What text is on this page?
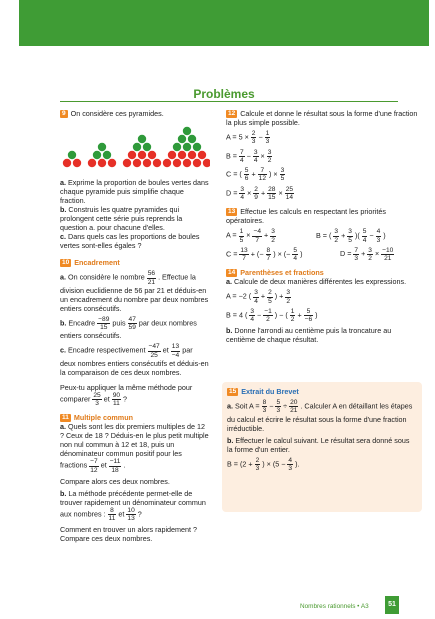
Problèmes

9 On considère ces pyramides.

a. Exprime la proportion de boules vertes dans chaque pyramide puis simplifie chaque fraction.

b. Construis les quatre pyramides qui prolongent cette série puis reprends la question a. pour chacune d'elles.

c. Dans quels cas les proportions de boules vertes sont-elles égales ?

10 Encadrement

a. On considère le nombre $\frac{56}{21}$ . Effectue la division euclidienne de 56 par 21 et déduis-en un encadrement du nombre par deux nombres entiers consécutifs.

b. Encadre $\frac{-89}{15}$ puis $\frac{47}{59}$ par deux nombres entiers consécutifs.

c. Encadre respectivement $\frac{-47}{25}$ et $\frac{13}{-4}$ par deux nombres entiers consécutifs et déduis-en la comparaison de ces deux nombres.

Peux-tu appliquer la même méthode pour comparer $\frac{25}{3}$ et $\frac{90}{11}$ ?

11 Multiple commun

a. Quels sont les dix premiers multiples de 12 ? Ceux de 18 ? Déduis-en le plus petit multiple non nul commun à 12 et 18, puis un dénominateur commun positif pour les fractions $\frac{-7}{12}$ et $\frac{-11}{18}$ .

Compare alors ces deux nombres.

b. La méthode précédente permet-elle de trouver rapidement un dénominateur commun aux nombres : $\frac{8}{11}$ et $\frac{10}{13}$ ?

Comment en trouver un alors rapidement ? Compare ces deux nombres.

12 Calcule et donne le résultat sous la forme d'une fraction la plus simple possible.

$A = 5 \times \frac{2}{3} - \frac{1}{3}$
$B = \frac{7}{4} - \frac{3}{4} \times \frac{3}{2}$
C = ( $\frac{5}{6} + \frac{7}{12}$ ) × $\frac{3}{5}$
$D = \frac{3}{4} \times \frac{2}{9} + \frac{28}{15} \times \frac{25}{14}$

13 Effectue les calculs en respectant les priorités opératoires.

$A = \frac{1}{5} \times \frac{-4}{7} + \frac{3}{2}$	B = ( $\frac{3}{2} + \frac{3}{5}$ )( $\frac{5}{4} - \frac{4}{3}$ )
$C = \frac{13}{7}$ + (− $\frac{8}{7}$ ) × (− $\frac{5}{4}$ )	$D = \frac{7}{3} + \frac{3}{2} \times \frac{-10}{21}$

14 Parenthèses et fractions

a. Calcule de deux manières différentes les expressions.

A = −2 ( $\frac{3}{4} + \frac{2}{5}$ ) + $\frac{3}{2}$
B = 4 ( $\frac{3}{4} - \frac{-1}{2}$ ) − ( $\frac{1}{2} + \frac{5}{-6}$ )

b. Donne l'arrondi au centième puis la troncature au centième de chaque résultat.

15 Extrait du Brevet

a. Soit $A = \frac{8}{3} - \frac{5}{3} \div \frac{20}{21}$ . Calculer A en détaillant les étapes du calcul et écrire le résultat sous la forme d'une fraction irréductible.

b. Effectuer le calcul suivant. Le résultat sera donné sous la forme d'un entier.

$B = (2 + \frac{2}{3}$ ) × ($5 - \frac{4}{3}$ ).
Nombres rationnels • A3	51
